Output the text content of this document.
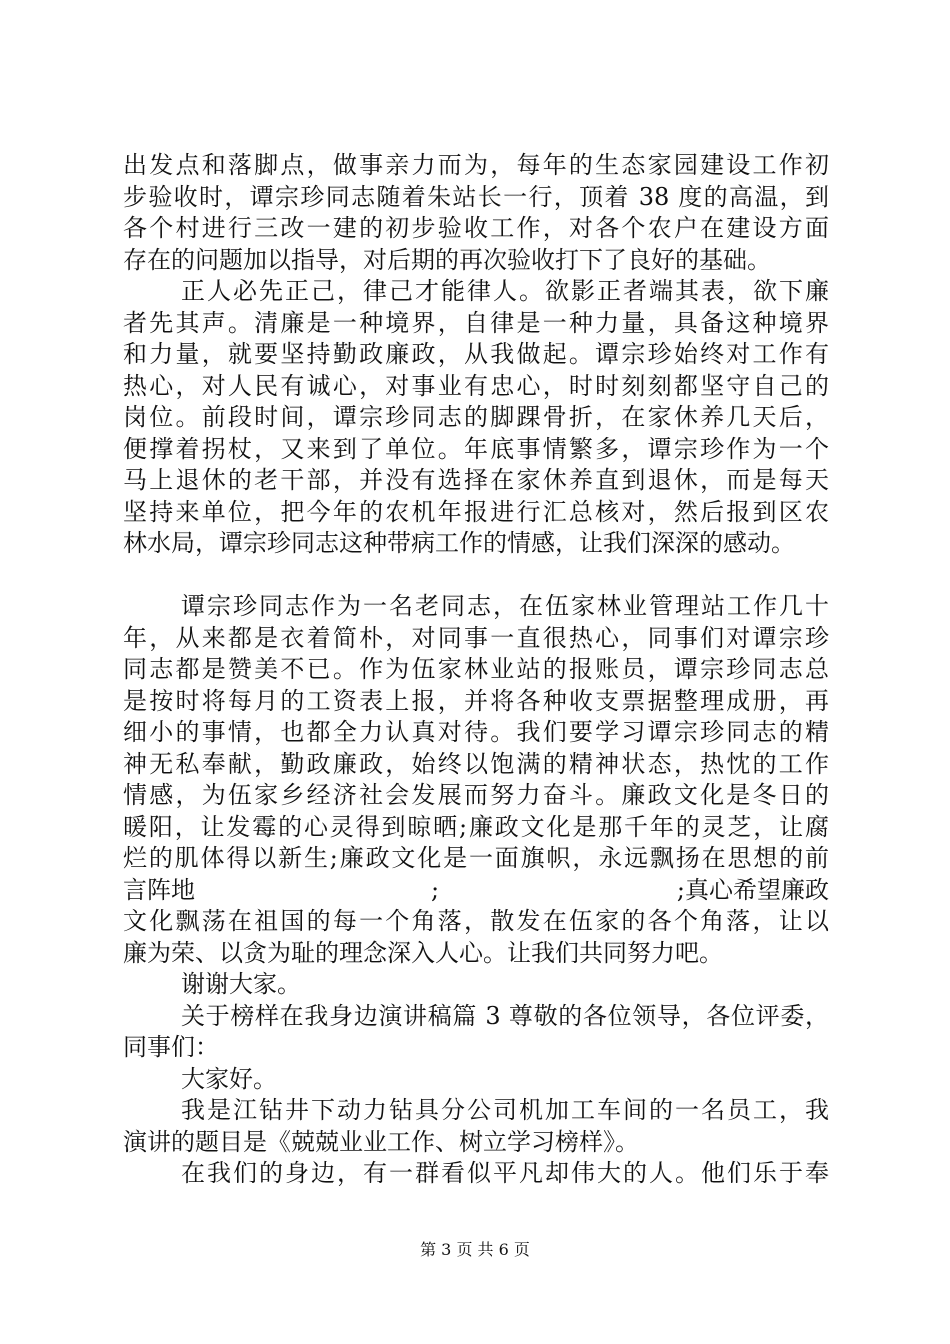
出发点和落脚点，做事亲力而为，每年的生态家园建设工作初
步验收时，谭宗珍同志随着朱站长一行，顶着 38 度的高温，到
各个村进行三改一建的初步验收工作，对各个农户在建设方面
存在的问题加以指导，对后期的再次验收打下了良好的基础。
正人必先正己，律己才能律人。欲影正者端其表，欲下廉
者先其声。清廉是一种境界，自律是一种力量，具备这种境界
和力量，就要坚持勤政廉政，从我做起。谭宗珍始终对工作有
热心，对人民有诚心，对事业有忠心，时时刻刻都坚守自己的
岗位。前段时间，谭宗珍同志的脚踝骨折，在家休养几天后，
便撑着拐杖，又来到了单位。年底事情繁多，谭宗珍作为一个
马上退休的老干部，并没有选择在家休养直到退休，而是每天
坚持来单位，把今年的农机年报进行汇总核对，然后报到区农
林水局，谭宗珍同志这种带病工作的情感，让我们深深的感动。
谭宗珍同志作为一名老同志，在伍家林业管理站工作几十
年，从来都是衣着简朴，对同事一直很热心，同事们对谭宗珍
同志都是赞美不已。作为伍家林业站的报账员，谭宗珍同志总
是按时将每月的工资表上报，并将各种收支票据整理成册，再
细小的事情，也都全力认真对待。我们要学习谭宗珍同志的精
神无私奉献，勤政廉政，始终以饱满的精神状态，热忱的工作
情感，为伍家乡经济社会发展而努力奋斗。廉政文化是冬日的
暖阳，让发霉的心灵得到晾晒;廉政文化是那千年的灵芝，让腐
烂的肌体得以新生;廉政文化是一面旗帜，永远飘扬在思想的前
言阵地	;	;真心希望廉政
文化飘荡在祖国的每一个角落，散发在伍家的各个角落，让以
廉为荣、以贪为耻的理念深入人心。让我们共同努力吧。
谢谢大家。
关于榜样在我身边演讲稿篇 3 尊敬的各位领导，各位评委，
同事们：
大家好。
我是江钻井下动力钻具分公司机加工车间的一名员工，我
演讲的题目是《兢兢业业工作、树立学习榜样》。
在我们的身边，有一群看似平凡却伟大的人。他们乐于奉
第 3 页 共 6 页
